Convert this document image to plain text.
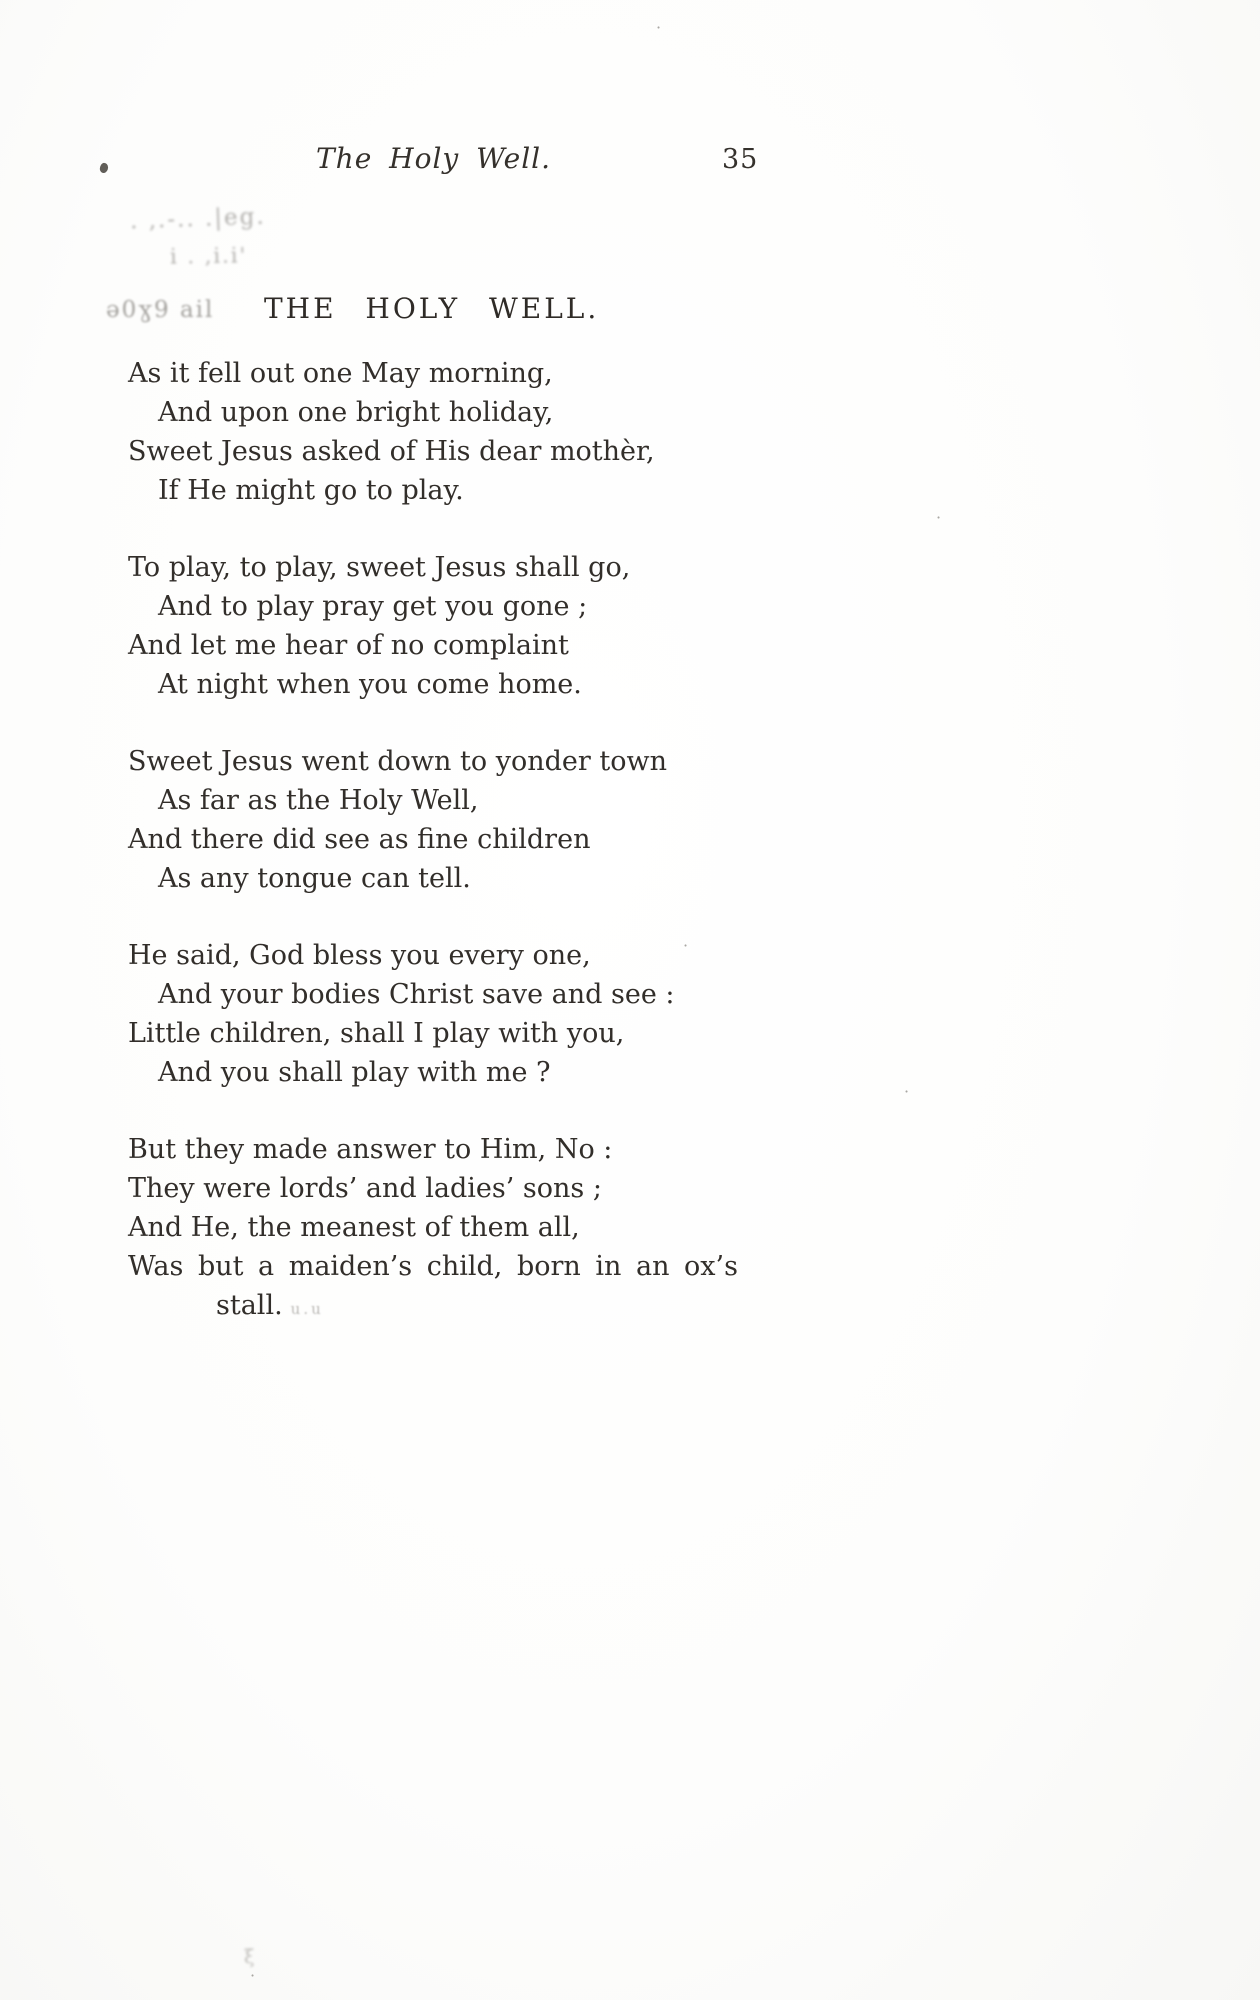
The Holy Well.	35
. ,.-.. .|eg.
i . ,i.i'
ə0ɣ9 ail
ξ
·
·
·
·
·
THE HOLY WELL.
As it fell out one May morning,
And upon one bright holiday,
Sweet Jesus asked of His dear mothèr,
If He might go to play.
To play, to play, sweet Jesus shall go,
And to play pray get you gone ;
And let me hear of no complaint
At night when you come home.
Sweet Jesus went down to yonder town
As far as the Holy Well,
And there did see as fine children
As any tongue can tell.
He said, God bless you every one,
And your bodies Christ save and see :
Little children, shall I play with you,
And you shall play with me ?
But they made answer to Him, No :
They were lords’ and ladies’ sons ;
And He, the meanest of them all,
Was but a maiden’s child, born in an ox’s
stall. u.u
